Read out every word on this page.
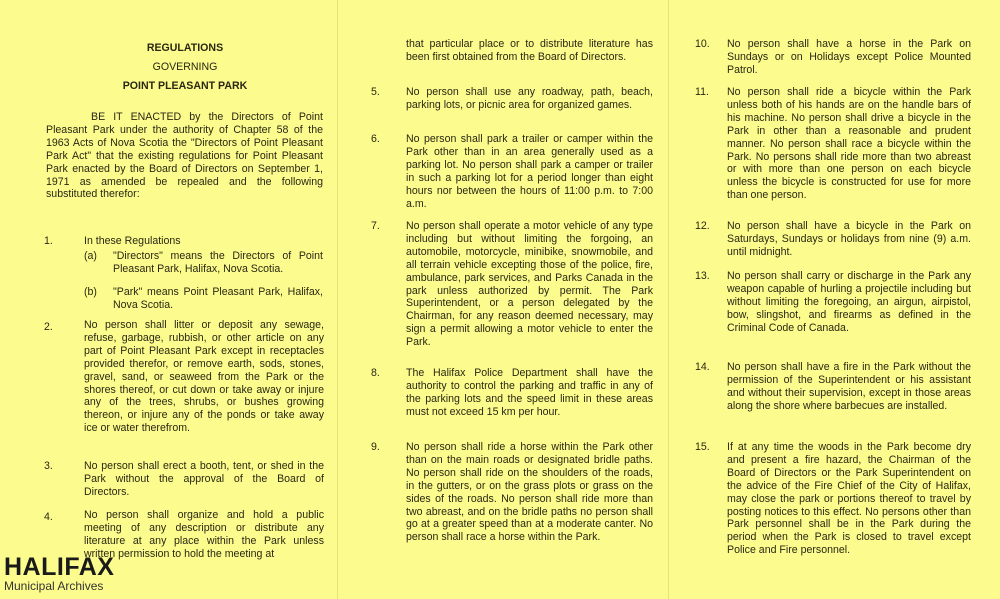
REGULATIONS
GOVERNING
POINT PLEASANT PARK
BE IT ENACTED by the Directors of Point Pleasant Park under the authority of Chapter 58 of the 1963 Acts of Nova Scotia the "Directors of Point Pleasant Park Act" that the existing regulations for Point Pleasant Park enacted by the Board of Directors on September 1, 1971 as amended be repealed and the following substituted therefor:
1.	In these Regulations
(a) "Directors" means the Directors of Point Pleasant Park, Halifax, Nova Scotia.
(b) "Park" means Point Pleasant Park, Halifax, Nova Scotia.
2.	No person shall litter or deposit any sewage, refuse, garbage, rubbish, or other article on any part of Point Pleasant Park except in receptacles provided therefor, or remove earth, sods, stones, gravel, sand, or seaweed from the Park or the shores thereof, or cut down or take away or injure any of the trees, shrubs, or bushes growing thereon, or injure any of the ponds or take away ice or water therefrom.
3.	No person shall erect a booth, tent, or shed in the Park without the approval of the Board of Directors.
4.	No person shall organize and hold a public meeting of any description or distribute any literature at any place within the Park unless written permission to hold the meeting at
that particular place or to distribute literature has been first obtained from the Board of Directors.
5. No person shall use any roadway, path, beach, parking lots, or picnic area for organized games.
6. No person shall park a trailer or camper within the Park other than in an area generally used as a parking lot. No person shall park a camper or trailer in such a parking lot for a period longer than eight hours nor between the hours of 11:00 p.m. to 7:00 a.m.
7. No person shall operate a motor vehicle of any type including but without limiting the forgoing, an automobile, motorcycle, minibike, snowmobile, and all terrain vehicle excepting those of the police, fire, ambulance, park services, and Parks Canada in the park unless authorized by permit. The Park Superintendent, or a person delegated by the Chairman, for any reason deemed necessary, may sign a permit allowing a motor vehicle to enter the Park.
8. The Halifax Police Department shall have the authority to control the parking and traffic in any of the parking lots and the speed limit in these areas must not exceed 15 km per hour.
9. No person shall ride a horse within the Park other than on the main roads or designated bridle paths. No person shall ride on the shoulders of the roads, in the gutters, or on the grass plots or grass on the sides of the roads. No person shall ride more than two abreast, and on the bridle paths no person shall go at a greater speed than at a moderate canter. No person shall race a horse within the Park.
10. No person shall have a horse in the Park on Sundays or on Holidays except Police Mounted Patrol.
11. No person shall ride a bicycle within the Park unless both of his hands are on the handle bars of his machine. No person shall drive a bicycle in the Park in other than a reasonable and prudent manner. No person shall race a bicycle within the Park. No persons shall ride more than two abreast or with more than one person on each bicycle unless the bicycle is constructed for use for more than one person.
12. No person shall have a bicycle in the Park on Saturdays, Sundays or holidays from nine (9) a.m. until midnight.
13. No person shall carry or discharge in the Park any weapon capable of hurling a projectile including but without limiting the foregoing, an airgun, airpistol, bow, slingshot, and firearms as defined in the Criminal Code of Canada.
14. No person shall have a fire in the Park without the permission of the Superintendent or his assistant and without their supervision, except in those areas along the shore where barbecues are installed.
15. If at any time the woods in the Park become dry and present a fire hazard, the Chairman of the Board of Directors or the Park Superintendent on the advice of the Fire Chief of the City of Halifax, may close the park or portions thereof to travel by posting notices to this effect. No persons other than Park personnel shall be in the Park during the period when the Park is closed to travel except Police and Fire personnel.
HALIFAX
Municipal Archives
